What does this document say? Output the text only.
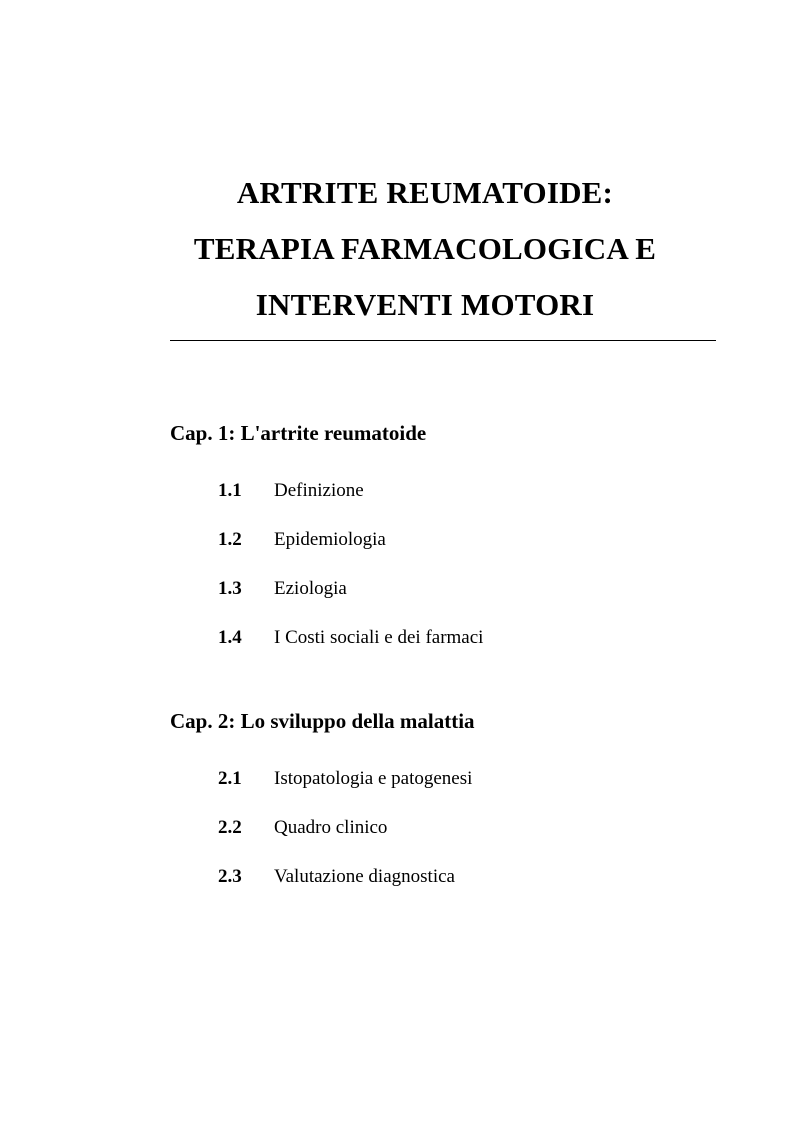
ARTRITE REUMATOIDE:
TERAPIA FARMACOLOGICA E
INTERVENTI MOTORI
Cap. 1: L'artrite reumatoide
1.1 Definizione
1.2 Epidemiologia
1.3 Eziologia
1.4 I Costi sociali e dei farmaci
Cap. 2: Lo sviluppo della malattia
2.1 Istopatologia e patogenesi
2.2 Quadro clinico
2.3 Valutazione diagnostica
